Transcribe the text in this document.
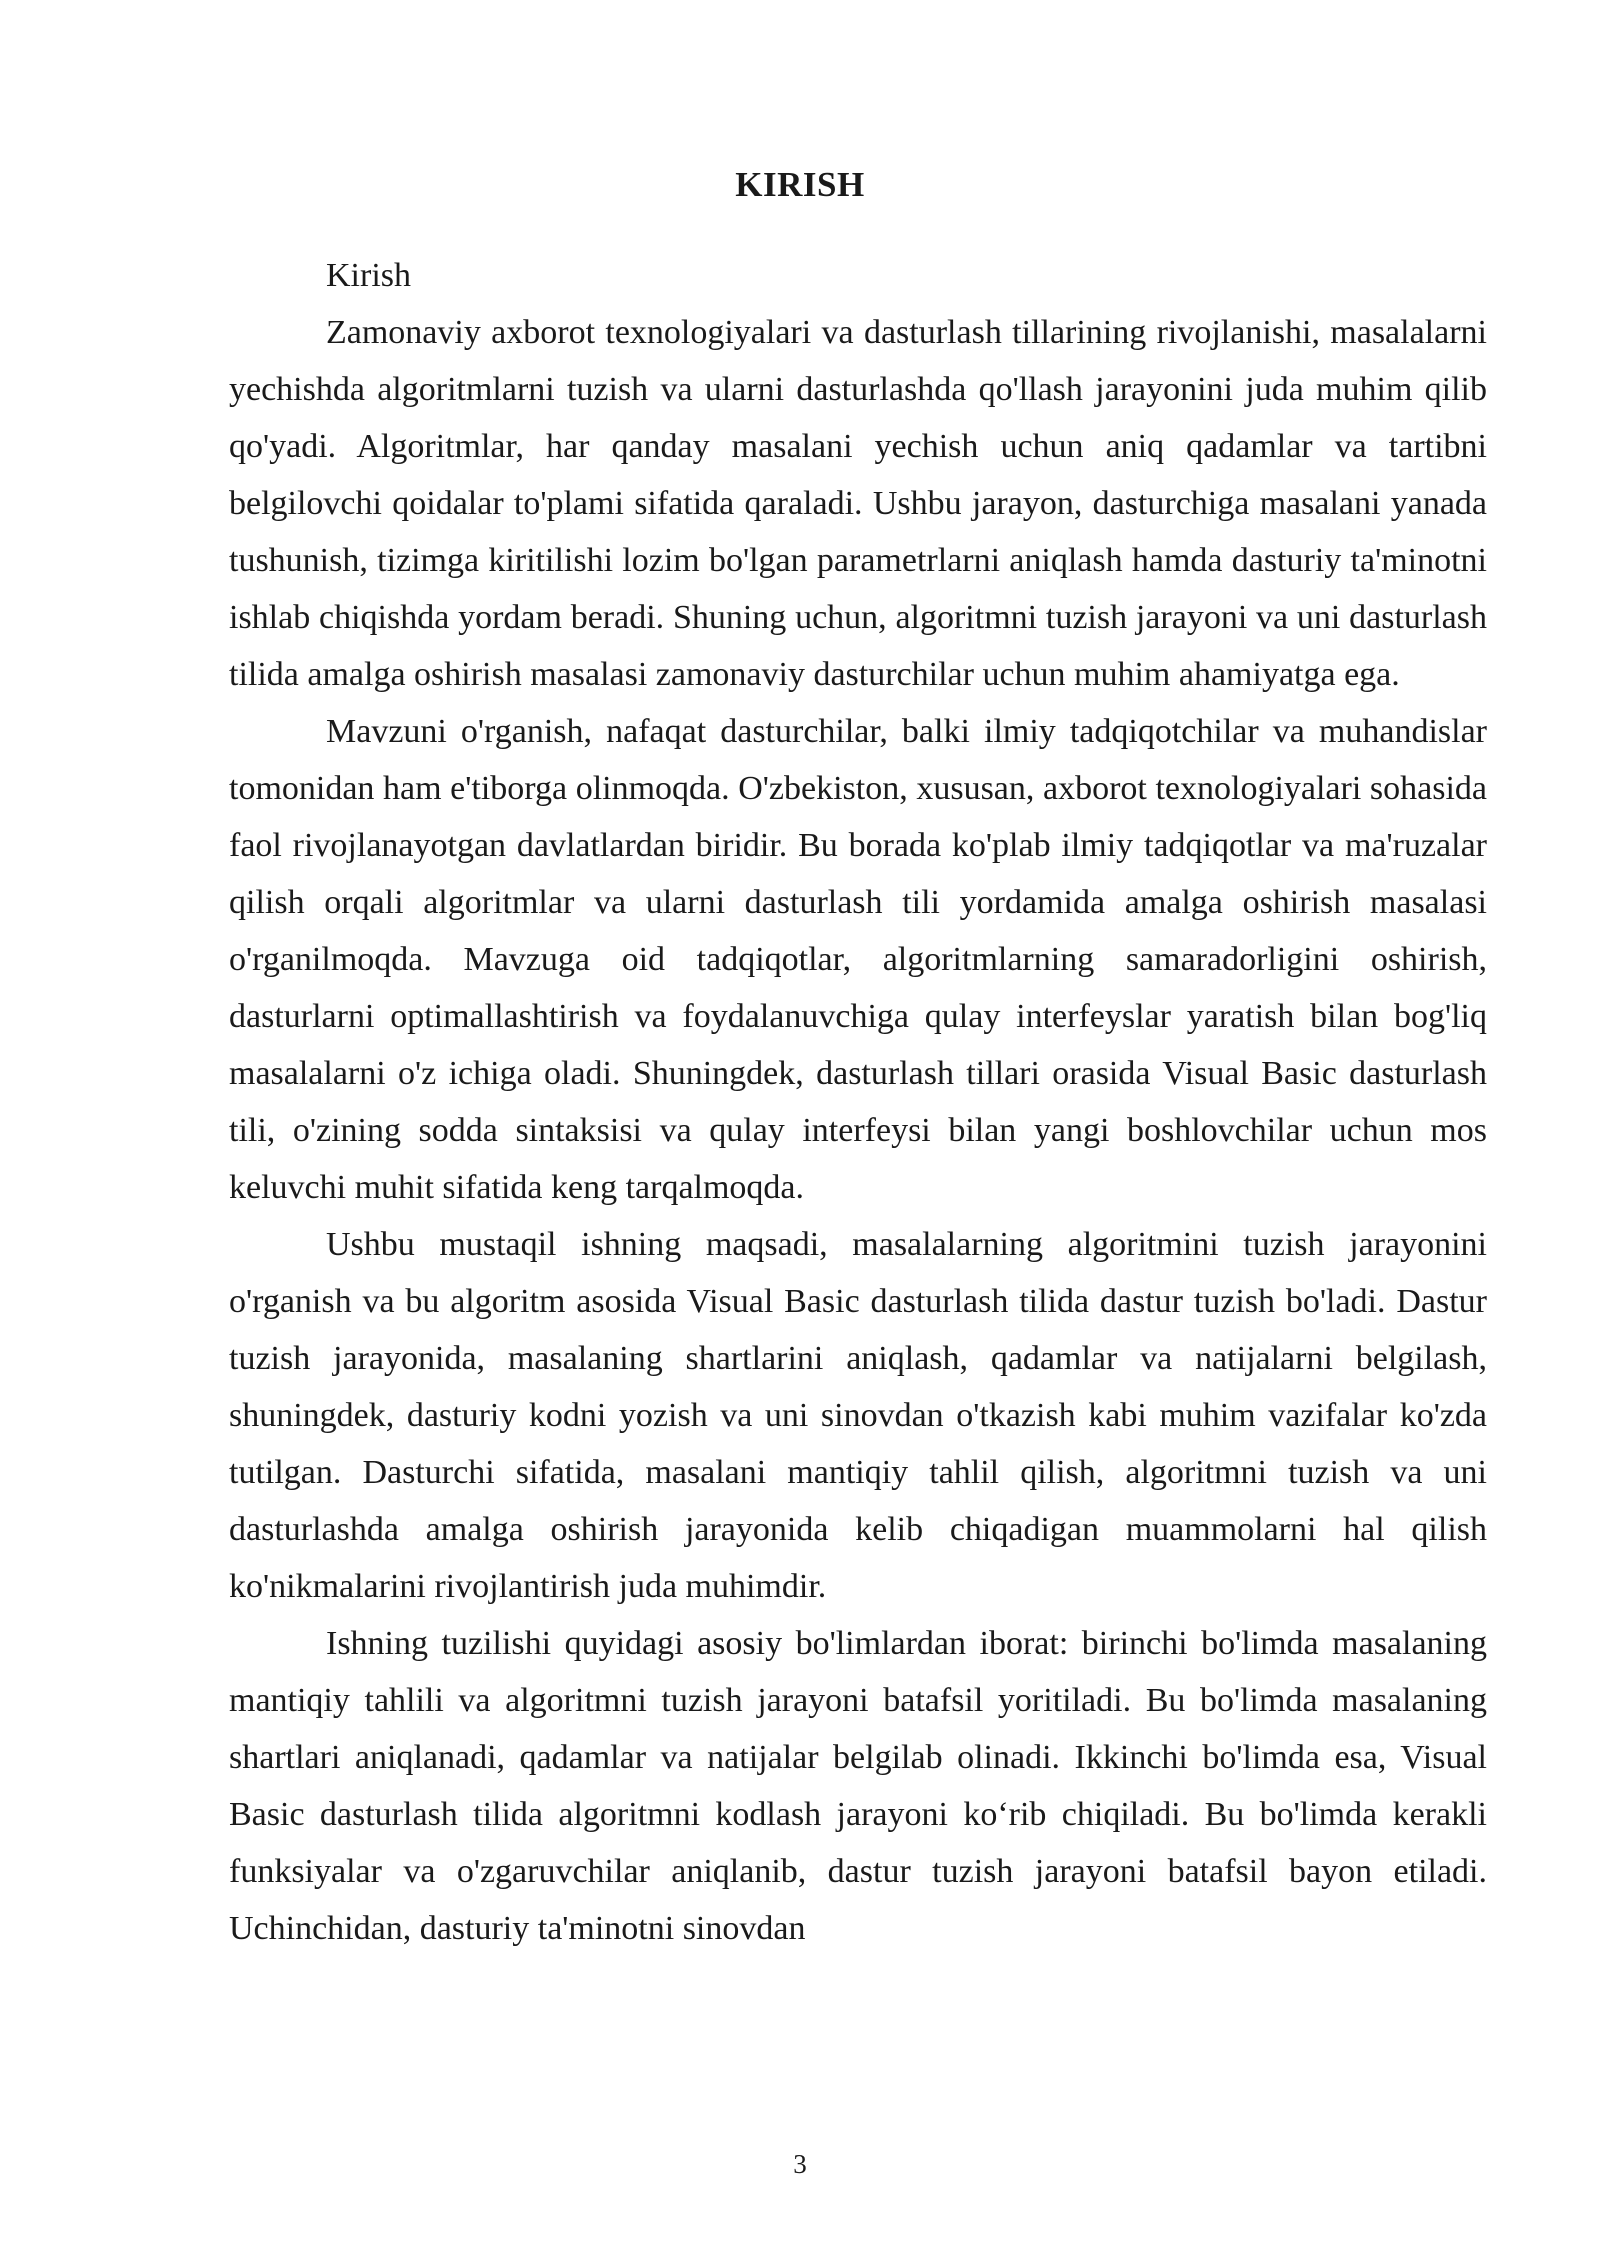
KIRISH

Kirish

Zamonaviy axborot texnologiyalari va dasturlash tillarining rivojlanishi, masalalarni yechishda algoritmlarni tuzish va ularni dasturlashda qo'llash jarayonini juda muhim qilib qo'yadi. Algoritmlar, har qanday masalani yechish uchun aniq qadamlar va tartibni belgilovchi qoidalar to'plami sifatida qaraladi. Ushbu jarayon, dasturchiga masalani yanada tushunish, tizimga kiritilishi lozim bo'lgan parametrlarni aniqlash hamda dasturiy ta'minotni ishlab chiqishda yordam beradi. Shuning uchun, algoritmni tuzish jarayoni va uni dasturlash tilida amalga oshirish masalasi zamonaviy dasturchilar uchun muhim ahamiyatga ega.

Mavzuni o'rganish, nafaqat dasturchilar, balki ilmiy tadqiqotchilar va muhandislar tomonidan ham e'tiborga olinmoqda. O'zbekiston, xususan, axborot texnologiyalari sohasida faol rivojlanayotgan davlatlardan biridir. Bu borada ko'plab ilmiy tadqiqotlar va ma'ruzalar qilish orqali algoritmlar va ularni dasturlash tili yordamida amalga oshirish masalasi o'rganilmoqda. Mavzuga oid tadqiqotlar, algoritmlarning samaradorligini oshirish, dasturlarni optimallashtirish va foydalanuvchiga qulay interfeyslar yaratish bilan bog'liq masalalarni o'z ichiga oladi. Shuningdek, dasturlash tillari orasida Visual Basic dasturlash tili, o'zining sodda sintaksisi va qulay interfeysi bilan yangi boshlovchilar uchun mos keluvchi muhit sifatida keng tarqalmoqda.

Ushbu mustaqil ishning maqsadi, masalalarning algoritmini tuzish jarayonini o'rganish va bu algoritm asosida Visual Basic dasturlash tilida dastur tuzish bo'ladi. Dastur tuzish jarayonida, masalaning shartlarini aniqlash, qadamlar va natijalarni belgilash, shuningdek, dasturiy kodni yozish va uni sinovdan o'tkazish kabi muhim vazifalar ko'zda tutilgan. Dasturchi sifatida, masalani mantiqiy tahlil qilish, algoritmni tuzish va uni dasturlashda amalga oshirish jarayonida kelib chiqadigan muammolarni hal qilish ko'nikmalarini rivojlantirish juda muhimdir.

Ishning tuzilishi quyidagi asosiy bo'limlardan iborat: birinchi bo'limda masalaning mantiqiy tahlili va algoritmni tuzish jarayoni batafsil yoritiladi. Bu bo'limda masalaning shartlari aniqlanadi, qadamlar va natijalar belgilab olinadi. Ikkinchi bo'limda esa, Visual Basic dasturlash tilida algoritmni kodlash jarayoni koʻrib chiqiladi. Bu bo'limda kerakli funksiyalar va o'zgaruvchilar aniqlanib, dastur tuzish jarayoni batafsil bayon etiladi. Uchinchidan, dasturiy ta'minotni sinovdan

3
